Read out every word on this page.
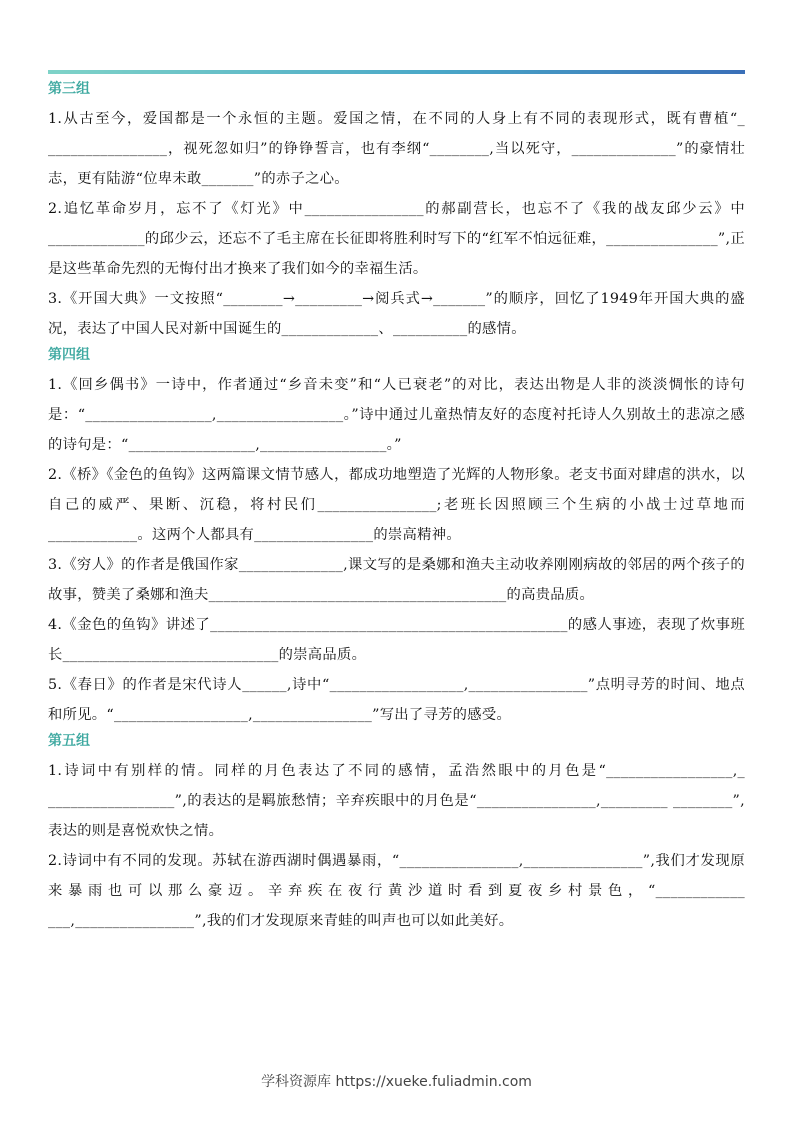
第三组

1.从古至今，爱国都是一个永恒的主题。爱国之情，在不同的人身上有不同的表现形式，既有曹植“_ ________________，视死忽如归”的铮铮誓言，也有李纲“________,当以死守，______________”的豪情壮志，更有陆游“位卑未敢_______”的赤子之心。

2.追忆革命岁月，忘不了《灯光》中________________的郝副营长，也忘不了《我的战友邱少云》中_____________的邱少云，还忘不了毛主席在长征即将胜利时写下的“红军不怕远征难，_______________”,正是这些革命先烈的无悔付出才换来了我们如今的幸福生活。

3.《开国大典》一文按照“________→_________→阅兵式→_______”的顺序，回忆了1949年开国大典的盛况，表达了中国人民对新中国诞生的_____________、__________的感情。

第四组

1.《回乡偶书》一诗中，作者通过“乡音未变”和“人已衰老”的对比，表达出物是人非的淡淡惆怅的诗句是：“_________________,_________________。”诗中通过儿童热情友好的态度衬托诗人久别故土的悲凉之感的诗句是：“_________________,_________________。”

2.《桥》《金色的鱼钩》这两篇课文情节感人，都成功地塑造了光辉的人物形象。老支书面对肆虐的洪水，以自己的威严、果断、沉稳，将村民们________________;老班长因照顾三个生病的小战士过草地而____________。这两个人都具有________________的崇高精神。

3.《穷人》的作者是俄国作家______________,课文写的是桑娜和渔夫主动收养刚刚病故的邻居的两个孩子的故事，赞美了桑娜和渔夫________________________________________的高贵品质。

4.《金色的鱼钩》讲述了________________________________________________的感人事迹，表现了炊事班长_____________________________的崇高品质。

5.《春日》的作者是宋代诗人______,诗中“__________________,________________”点明寻芳的时间、地点和所见。“__________________,________________”写出了寻芳的感受。

第五组

1.诗词中有别样的情。同样的月色表达了不同的感情，孟浩然眼中的月色是“_________________,_ _________________”,的表达的是羁旅愁情；辛弃疾眼中的月色是“________________,_________ ________”,表达的则是喜悦欢快之情。

2.诗词中有不同的发现。苏轼在游西湖时偶遇暴雨，“________________,________________”,我们才发现原来暴雨也可以那么豪迈。辛弃疾在夜行黄沙道时看到夏夜乡村景色，“____________ ___,________________”,我的们才发现原来青蛙的叫声也可以如此美好。

学科资源库 https://xueke.fuliadmin.com
